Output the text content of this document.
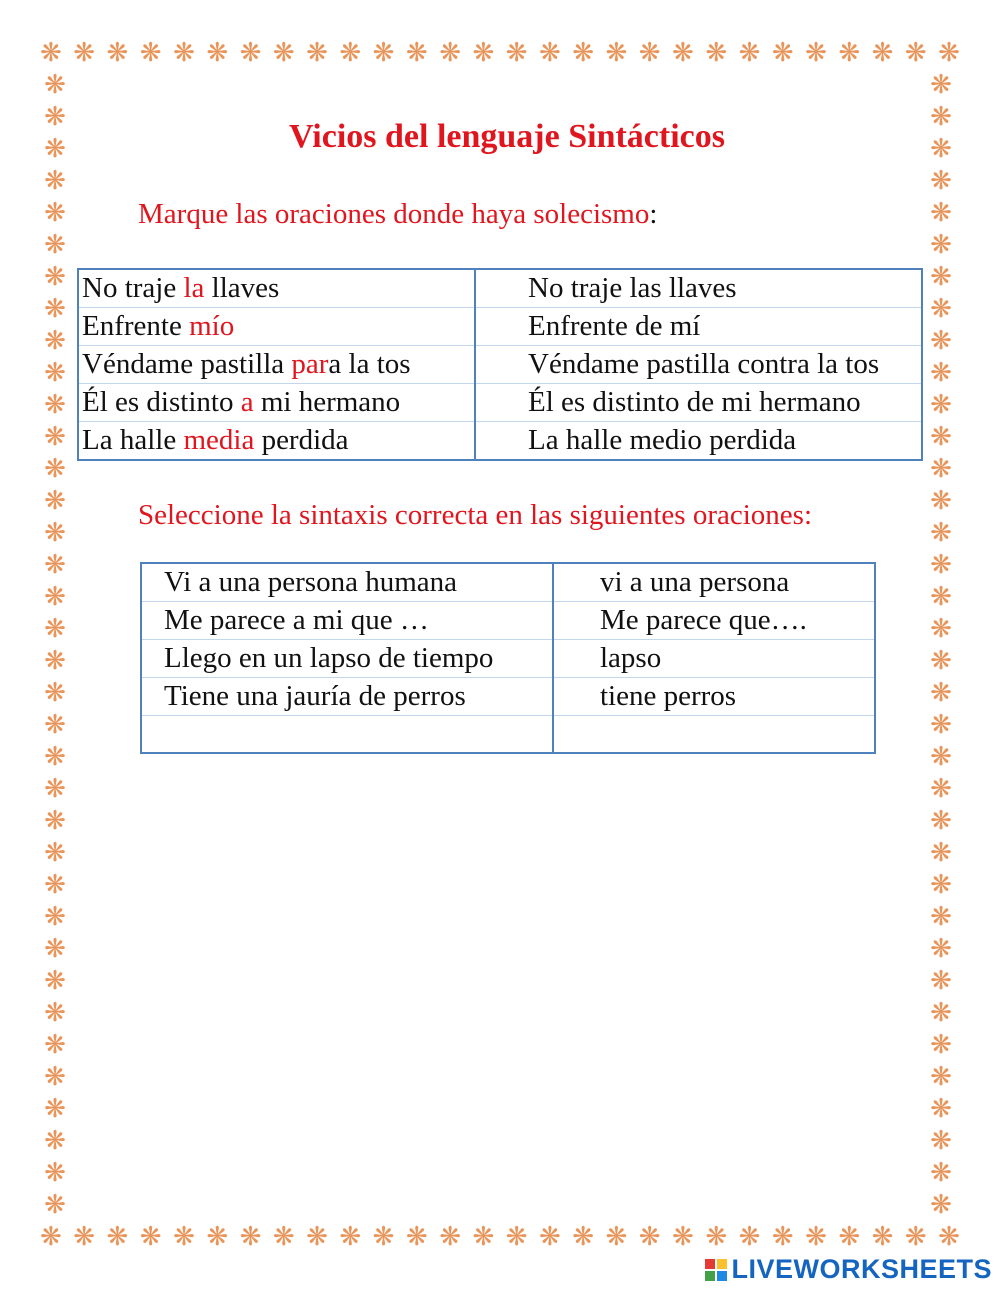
❋ ❋ ❋ ❋ ❋ ❋ ❋ ❋ ❋ ❋ ❋ ❋ ❋ ❋ ❋ ❋ ❋ ❋ ❋ ❋ ❋ ❋ ❋ ❋ ❋ ❋ ❋ ❋
❋ ❋ ❋ ❋ ❋ ❋ ❋ ❋ ❋ ❋ ❋ ❋ ❋ ❋ ❋ ❋ ❋ ❋ ❋ ❋ ❋ ❋ ❋ ❋ ❋ ❋ ❋ ❋
❋
❋
❋
❋
❋
❋
❋
❋
❋
❋
❋
❋
❋
❋
❋
❋
❋
❋
❋
❋
❋
❋
❋
❋
❋
❋
❋
❋
❋
❋
❋
❋
❋
❋
❋
❋
❋
❋
❋
❋
❋
❋
❋
❋
❋
❋
❋
❋
❋
❋
❋
❋
❋
❋
❋
❋
❋
❋
❋
❋
❋
❋
❋
❋
❋
❋
❋
❋
❋
❋
❋
❋
Vicios del lenguaje Sintácticos

Marque las oraciones donde haya solecismo:

No traje la llaves	No traje las llaves
Enfrente mío	Enfrente de mí
Véndame pastilla para la tos	Véndame pastilla contra la tos
Él es distinto a mi hermano	Él es distinto de mi hermano
La halle media perdida	La halle medio perdida

Seleccione la sintaxis correcta en las siguientes oraciones:

Vi a una persona humana	vi a una persona
Me parece a mi que …	Me parece que….
Llego en un lapso de tiempo	lapso
Tiene una jauría de perros	tiene perros

LIVEWORKSHEETS
